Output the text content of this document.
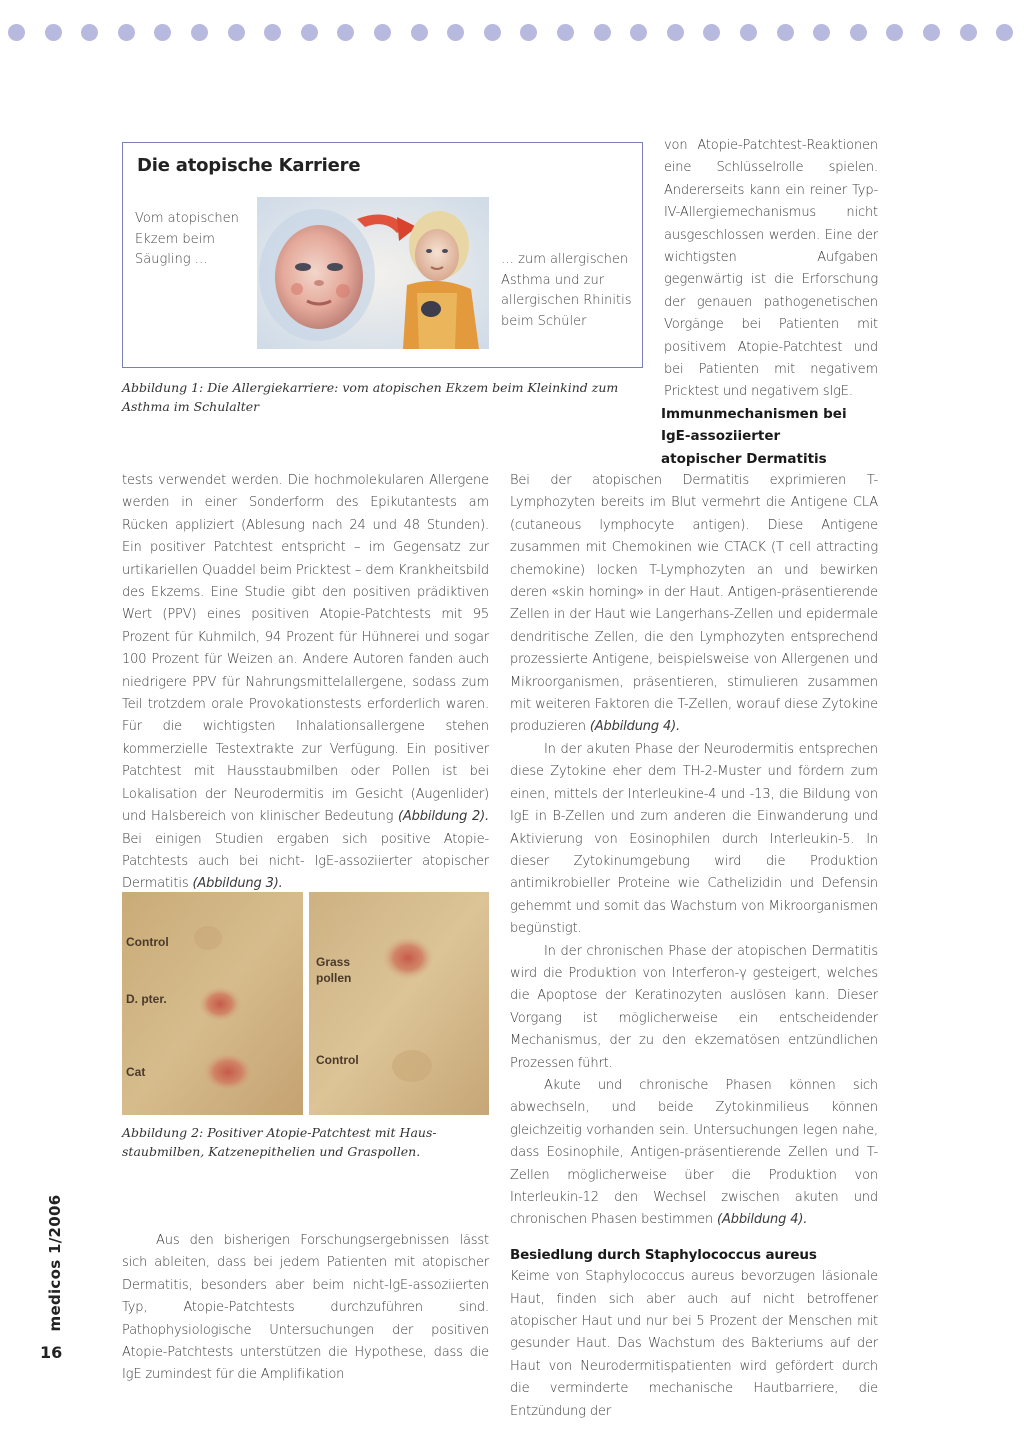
Die atopische Karriere
Vom atopischen Ekzem beim Säugling …	… zum allergischen Asthma und zur allergischen Rhinitis beim Schüler
Abbildung 1: Die Allergiekarriere: vom atopischen Ekzem beim Kleinkind zum Asthma im Schulalter

von Atopie-Patchtest-Reaktionen eine Schlüsselrolle spielen. Andererseits kann ein reiner Typ-IV-Allergiemechanismus nicht ausgeschlossen werden. Eine der wichtigsten Aufgaben gegenwärtig ist die Erforschung der genauen pathogenetischen Vorgänge bei Patienten mit positivem Atopie-Patchtest und bei Patienten mit negativem Pricktest und negativem sIgE.

Immunmechanismen bei
IgE-assoziierter
atopischer Dermatitis

tests verwendet werden. Die hochmolekularen Allergene werden in einer Sonderform des Epikutantests am Rücken appliziert (Ablesung nach 24 und 48 Stunden). Ein positiver Patchtest entspricht – im Gegensatz zur urtikariellen Quaddel beim Pricktest – dem Krankheitsbild des Ekzems. Eine Studie gibt den positiven prädiktiven Wert (PPV) eines positiven Atopie-Patchtests mit 95 Prozent für Kuhmilch, 94 Prozent für Hühnerei und sogar 100 Prozent für Weizen an. Andere Autoren fanden auch niedrigere PPV für Nahrungsmittelallergene, sodass zum Teil trotzdem orale Provokationstests erforderlich waren. Für die wichtigsten Inhalationsallergene stehen kommerzielle Testextrakte zur Verfügung. Ein positiver Patchtest mit Hausstaubmilben oder Pollen ist bei Lokalisation der Neurodermitis im Gesicht (Augenlider) und Halsbereich von klinischer Bedeutung (Abbildung 2). Bei einigen Studien ergaben sich positive Atopie-Patchtests auch bei nicht- IgE-assoziierter atopischer Dermatitis (Abbildung 3).

Control
D. pter.
Cat
Grass
pollen
Control
Abbildung 2: Positiver Atopie-Patchtest mit Haus-
staubmilben, Katzenepithelien und Graspollen.

Aus den bisherigen Forschungsergebnissen lässt sich ableiten, dass bei jedem Patienten mit atopischer Dermatitis, besonders aber beim nicht-IgE-assoziierten Typ, Atopie-Patchtests durchzuführen sind. Pathophysiologische Untersuchungen der positiven Atopie-Patchtests unterstützen die Hypothese, dass die IgE zumindest für die Amplifikation

Bei der atopischen Dermatitis exprimieren T-Lymphozyten bereits im Blut vermehrt die Antigene CLA (cutaneous lymphocyte antigen). Diese Antigene zusammen mit Chemokinen wie CTACK (T cell attracting chemokine) locken T-Lymphozyten an und bewirken deren «skin homing» in der Haut. Antigen-präsentierende Zellen in der Haut wie Langerhans-Zellen und epidermale dendritische Zellen, die den Lymphozyten entsprechend prozessierte Antigene, beispielsweise von Allergenen und Mikroorganismen, präsentieren, stimulieren zusammen mit weiteren Faktoren die T-Zellen, worauf diese Zytokine produzieren (Abbildung 4).

In der akuten Phase der Neurodermitis entsprechen diese Zytokine eher dem TH-2-Muster und fördern zum einen, mittels der Interleukine-4 und -13, die Bildung von IgE in B-Zellen und zum anderen die Einwanderung und Aktivierung von Eosinophilen durch Interleukin-5. In dieser Zytokinumgebung wird die Produktion antimikrobieller Proteine wie Cathelizidin und Defensin gehemmt und somit das Wachstum von Mikroorganismen begünstigt.

In der chronischen Phase der atopischen Dermatitis wird die Produktion von Interferon-γ gesteigert, welches die Apoptose der Keratinozyten auslösen kann. Dieser Vorgang ist möglicherweise ein entscheidender Mechanismus, der zu den ekzematösen entzündlichen Prozessen führt.

Akute und chronische Phasen können sich abwechseln, und beide Zytokinmilieus können gleichzeitig vorhanden sein. Untersuchungen legen nahe, dass Eosinophile, Antigen-präsentierende Zellen und T-Zellen möglicherweise über die Produktion von Interleukin-12 den Wechsel zwischen akuten und chronischen Phasen bestimmen (Abbildung 4).

Besiedlung durch Staphylococcus aureus

Keime von Staphylococcus aureus bevorzugen läsionale Haut, finden sich aber auch auf nicht betroffener atopischer Haut und nur bei 5 Prozent der Menschen mit gesunder Haut. Das Wachstum des Bakteriums auf der Haut von Neurodermitispatienten wird gefördert durch die verminderte mechanische Hautbarriere, die Entzündung der

medicos 1/2006
16
